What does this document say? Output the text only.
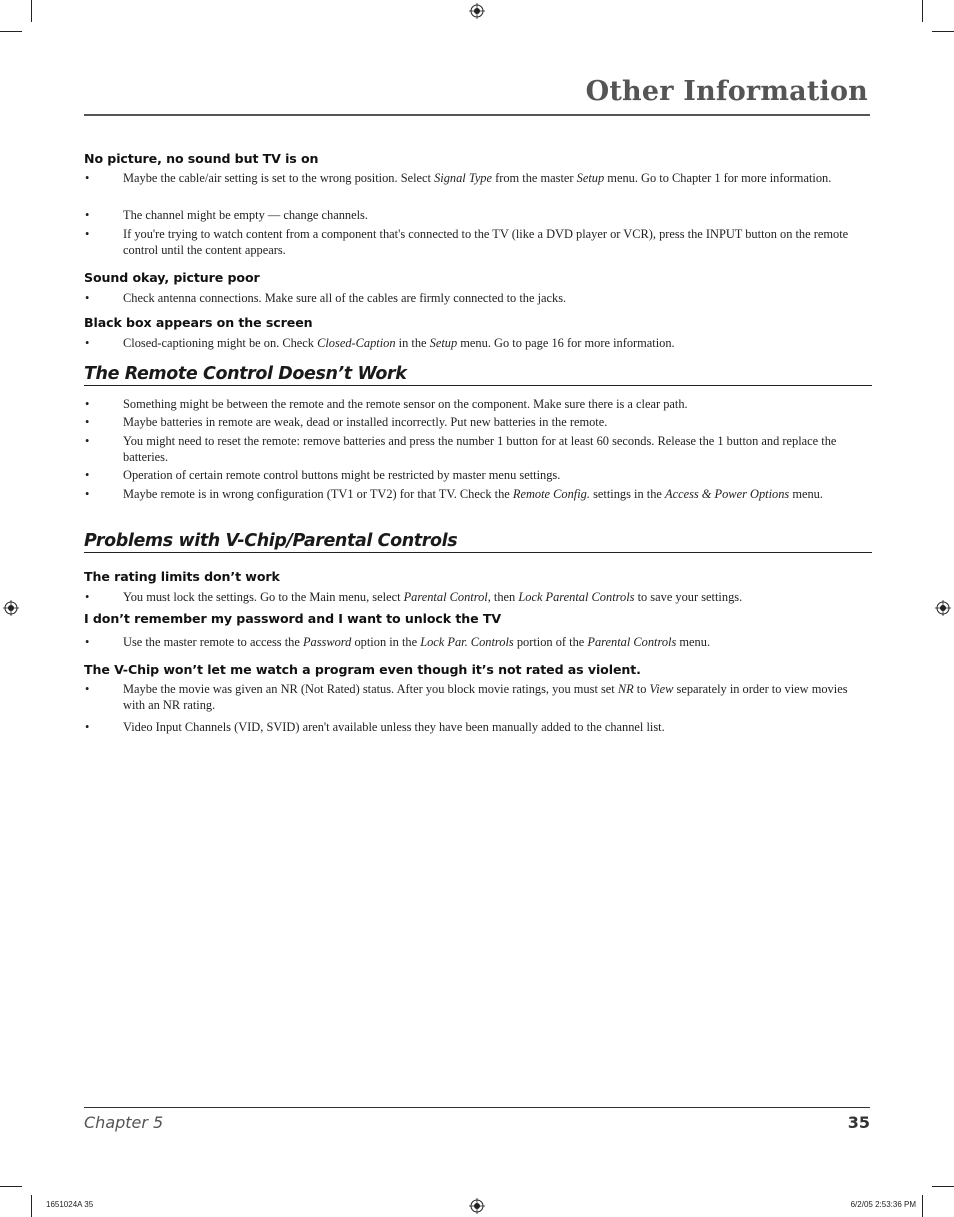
Other Information
No picture, no sound but TV is on
•	Maybe the cable/air setting is set to the wrong position. Select Signal Type from the master Setup menu. Go to Chapter 1 for more information.
•	The channel might be empty — change channels.
•	If you're trying to watch content from a component that's connected to the TV (like a DVD player or VCR), press the INPUT button on the remote control until the content appears.
Sound okay, picture poor
•	Check antenna connections. Make sure all of the cables are firmly connected to the jacks.
Black box appears on the screen
•	Closed-captioning might be on. Check Closed-Caption in the Setup menu. Go to page 16 for more information.
The Remote Control Doesn’t Work
•	Something might be between the remote and the remote sensor on the component. Make sure there is a clear path.
•	Maybe batteries in remote are weak, dead or installed incorrectly. Put new batteries in the remote.
•	You might need to reset the remote: remove batteries and press the number 1 button for at least 60 seconds. Release the 1 button and replace the batteries.
•	Operation of certain remote control buttons might be restricted by master menu settings.
•	Maybe remote is in wrong configuration (TV1 or TV2) for that TV. Check the Remote Config. settings in the Access & Power Options menu.
Problems with V-Chip/Parental Controls
The rating limits don’t work
•	You must lock the settings. Go to the Main menu, select Parental Control, then Lock Parental Controls to save your settings.
I don’t remember my password and I want to unlock the TV
•	Use the master remote to access the Password option in the Lock Par. Controls portion of the Parental Controls menu.
The V-Chip won’t let me watch a program even though it’s not rated as violent.
•	Maybe the movie was given an NR (Not Rated) status. After you block movie ratings, you must set NR to View separately in order to view movies with an NR rating.
•	Video Input Channels (VID, SVID) aren't available unless they have been manually added to the channel list.
Chapter 5	35
1651024A 35	6/2/05 2:53:36 PM
